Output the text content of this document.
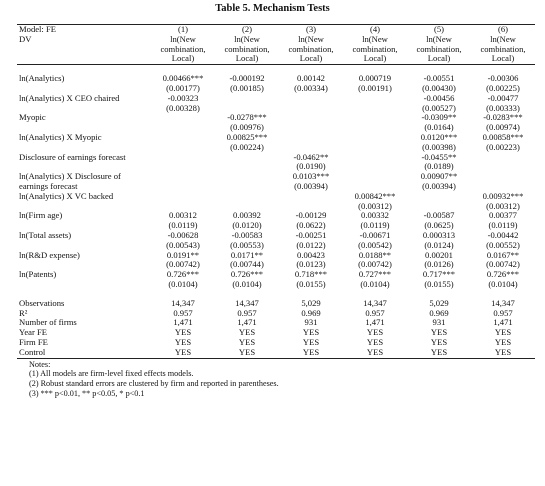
Table 5. Mechanism Tests
Model: FE	(1)	(2)	(3)	(4)	(5)	(6)
DV	ln(New	ln(New	ln(New	ln(New	ln(New	ln(New
	combination,	combination,	combination,	combination,	combination,	combination,
	Local)	Local)	Local)	Local)	Local)	Local)

ln(Analytics)	0.00466***	-0.000192	0.00142	0.000719	-0.00551	-0.00306
	(0.00177)	(0.00185)	(0.00334)	(0.00191)	(0.00430)	(0.00225)
ln(Analytics) X CEO chaired	-0.00323				-0.00456	-0.00477
	(0.00328)				(0.00527)	(0.00333)
Myopic		-0.0278***			-0.0309**	-0.0283***
		(0.00976)			(0.0164)	(0.00974)
ln(Analytics) X Myopic		0.00825***			0.0120***	0.00858***
		(0.00224)			(0.00398)	(0.00223)
Disclosure of earnings forecast			-0.0462**		-0.0455**	
			(0.0190)		(0.0189)	
ln(Analytics) X Disclosure of			0.0103***		0.00907**	
earnings forecast			(0.00394)		(0.00394)	
ln(Analytics) X VC backed				0.00842***		0.00932***
				(0.00312)		(0.00312)
ln(Firm age)	0.00312	0.00392	-0.00129	0.00332	-0.00587	0.00377
	(0.0119)	(0.0120)	(0.0622)	(0.0119)	(0.0625)	(0.0119)
ln(Total assets)	-0.00628	-0.00583	-0.00251	-0.00671	0.000313	-0.00442
	(0.00543)	(0.00553)	(0.0122)	(0.00542)	(0.0124)	(0.00552)
ln(R&D expense)	0.0191**	0.0171**	0.00423	0.0188**	0.00201	0.0167**
	(0.00742)	(0.00744)	(0.0123)	(0.00742)	(0.0126)	(0.00742)
ln(Patents)	0.726***	0.726***	0.718***	0.727***	0.717***	0.726***
	(0.0104)	(0.0104)	(0.0155)	(0.0104)	(0.0155)	(0.0104)

Observations	14,347	14,347	5,029	14,347	5,029	14,347
R²	0.957	0.957	0.969	0.957	0.969	0.957
Number of firms	1,471	1,471	931	1,471	931	1,471
Year FE	YES	YES	YES	YES	YES	YES
Firm FE	YES	YES	YES	YES	YES	YES
Control	YES	YES	YES	YES	YES	YES
Notes:
(1) All models are firm-level fixed effects models.
(2) Robust standard errors are clustered by firm and reported in parentheses.
(3) *** p<0.01, ** p<0.05, * p<0.1
